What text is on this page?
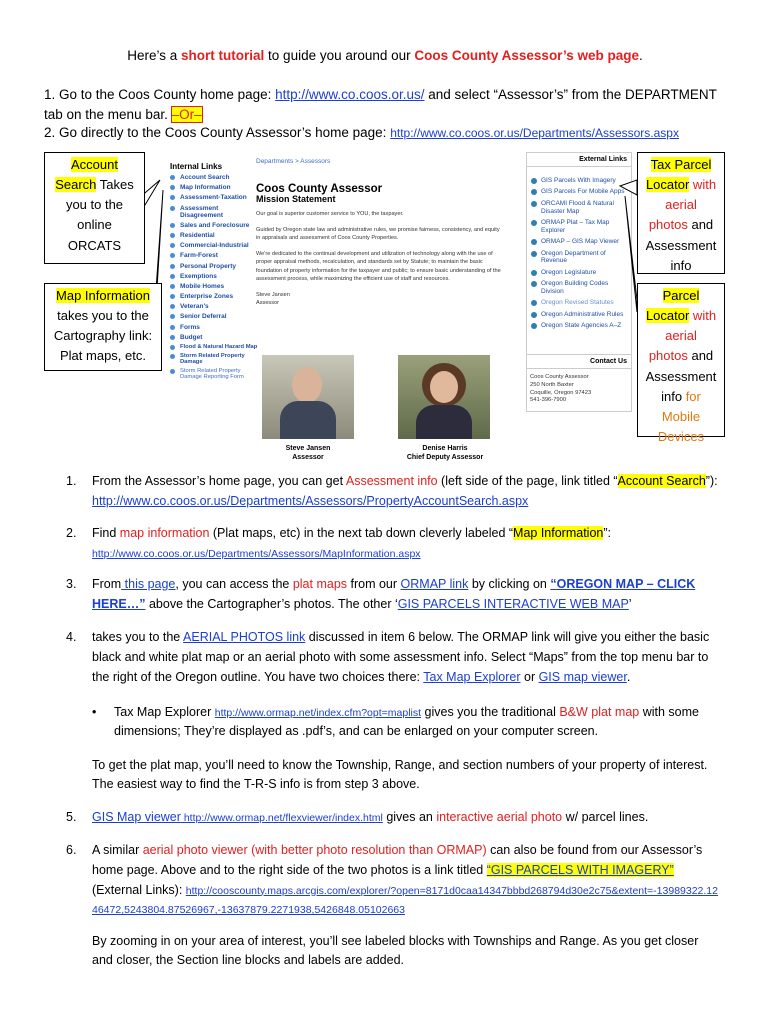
Here’s a short tutorial to guide you around our Coos County Assessor’s web page.
1. Go to the Coos County home page: http://www.co.coos.or.us/ and select “Assessor’s” from the DEPARTMENT tab on the menu bar. –Or–
2. Go directly to the Coos County Assessor’s home page: http://www.co.coos.or.us/Departments/Assessors.aspx
Internal Links
Account Search
Map Information
Assessment-Taxation
Assessment Disagreement
Sales and Foreclosure
Residential
Commercial-Industrial
Farm-Forest
Personal Property
Exemptions
Mobile Homes
Enterprise Zones
Veteran's
Senior Deferral
Forms
Budget
Flood & Natural Hazard Map
Storm Related Property Damage
Storm Related Property Damage Reporting Form
Departments > Assessors
Coos County Assessor
Mission Statement
Our goal is superior customer service to YOU, the taxpayer.
Guided by Oregon state law and administrative rules, we promise fairness, consistency, and equity in appraisals and assessment of Coos County Properties.
We're dedicated to the continual development and utilization of technology along with the use of proper appraisal methods, recalculation, and standards set by Statute; to maintain the basic foundation of property information for the taxpayer and public; to ensure basic understanding of the assessment process, while maximizing the efficient use of staff and resources.
Steve Jansen
Assessor
Steve Jansen
Assessor
Denise Harris
Chief Deputy Assessor
External Links
GIS Parcels With Imagery
GIS Parcels For Mobile Apps
ORCAMI Flood & Natural Disaster Map
ORMAP Plat – Tax Map Explorer
ORMAP – GIS Map Viewer
Oregon Department of Revenue
Oregon Legislature
Oregon Building Codes Division
Oregon Revised Statutes
Oregon Administrative Rules
Oregon State Agencies A–Z
Contact Us
Coos County Assessor
250 North Baxter
Coquille, Oregon 97423
541-396-7900
Account
Search Takes
you to the
online
ORCATS
Map Information
takes you to the
Cartography link:
Plat maps, etc.
Tax Parcel
Locator with
aerial
photos and
Assessment
info
Parcel
Locator with
aerial
photos and
Assessment
info for
Mobile
Devices
1. From the Assessor’s home page, you can get Assessment info (left side of the page, link titled “Account Search”):
http://www.co.coos.or.us/Departments/Assessors/PropertyAccountSearch.aspx
2. Find map information (Plat maps, etc) in the next tab down cleverly labeled “Map Information”:
http://www.co.coos.or.us/Departments/Assessors/MapInformation.aspx
3. From this page, you can access the plat maps from our ORMAP link by clicking on “OREGON MAP – CLICK HERE…” above the Cartographer’s photos. The other ‘GIS PARCELS INTERACTIVE WEB MAP’
4. takes you to the AERIAL PHOTOS link discussed in item 6 below. The ORMAP link will give you either the basic black and white plat map or an aerial photo with some assessment info. Select “Maps” from the top menu bar to the right of the Oregon outline. You have two choices there: Tax Map Explorer or GIS map viewer.
• Tax Map Explorer http://www.ormap.net/index.cfm?opt=maplist gives you the traditional B&W plat map with some dimensions; They’re displayed as .pdf’s, and can be enlarged on your computer screen.
To get the plat map, you’ll need to know the Township, Range, and section numbers of your property of interest. The easiest way to find the T-R-S info is from step 3 above.
5. GIS Map viewer http://www.ormap.net/flexviewer/index.html gives an interactive aerial photo w/ parcel lines.
6. A similar aerial photo viewer (with better photo resolution than ORMAP) can also be found from our Assessor’s home page. Above and to the right side of the two photos is a link titled “GIS PARCELS WITH IMAGERY” (External Links): http://cooscounty.maps.arcgis.com/explorer/?open=8171d0caa14347bbbd268794d30e2c75&extent=-13989322.1246472,5243804.87526967,-13637879.2271938,5426848.05102663
By zooming in on your area of interest, you’ll see labeled blocks with Townships and Range. As you get closer and closer, the Section line blocks and labels are added.
